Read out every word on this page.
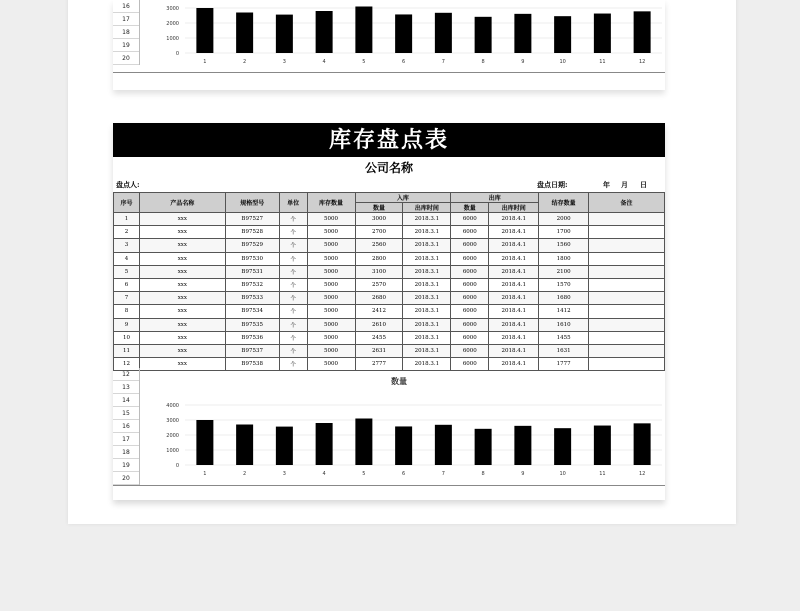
16
17
18
19
20
3000
2000
1000
0
1	2	3	4	5	6	7	8	9	10	11	12
库存盘点表
公司名称
盘点人:	盘点日期:	年 月 日
序号	产品名称	规格型号	单位	库存数量	入库		出库		结存数量	备注
					数量	出库时间	数量	出库时间		
1	xxx	B97527	个	5000	3000	2018.3.1	6000	2018.4.1	2000	
2	xxx	B97528	个	5000	2700	2018.3.1	6000	2018.4.1	1700	
3	xxx	B97529	个	5000	2560	2018.3.1	6000	2018.4.1	1560	
4	xxx	B97530	个	5000	2800	2018.3.1	6000	2018.4.1	1800	
5	xxx	B97531	个	5000	3100	2018.3.1	6000	2018.4.1	2100	
6	xxx	B97532	个	5000	2570	2018.3.1	6000	2018.4.1	1570	
7	xxx	B97533	个	5000	2680	2018.3.1	6000	2018.4.1	1680	
8	xxx	B97534	个	5000	2412	2018.3.1	6000	2018.4.1	1412	
9	xxx	B97535	个	5000	2610	2018.3.1	6000	2018.4.1	1610	
10	xxx	B97536	个	5000	2455	2018.3.1	6000	2018.4.1	1455	
11	xxx	B97537	个	5000	2631	2018.3.1	6000	2018.4.1	1631	
12	xxx	B97538	个	5000	2777	2018.3.1	6000	2018.4.1	1777	
12
13
14
15
16
17
18
19
20
数量
4000
3000
2000
1000
0
1	2	3	4	5	6	7	8	9	10	11	12
